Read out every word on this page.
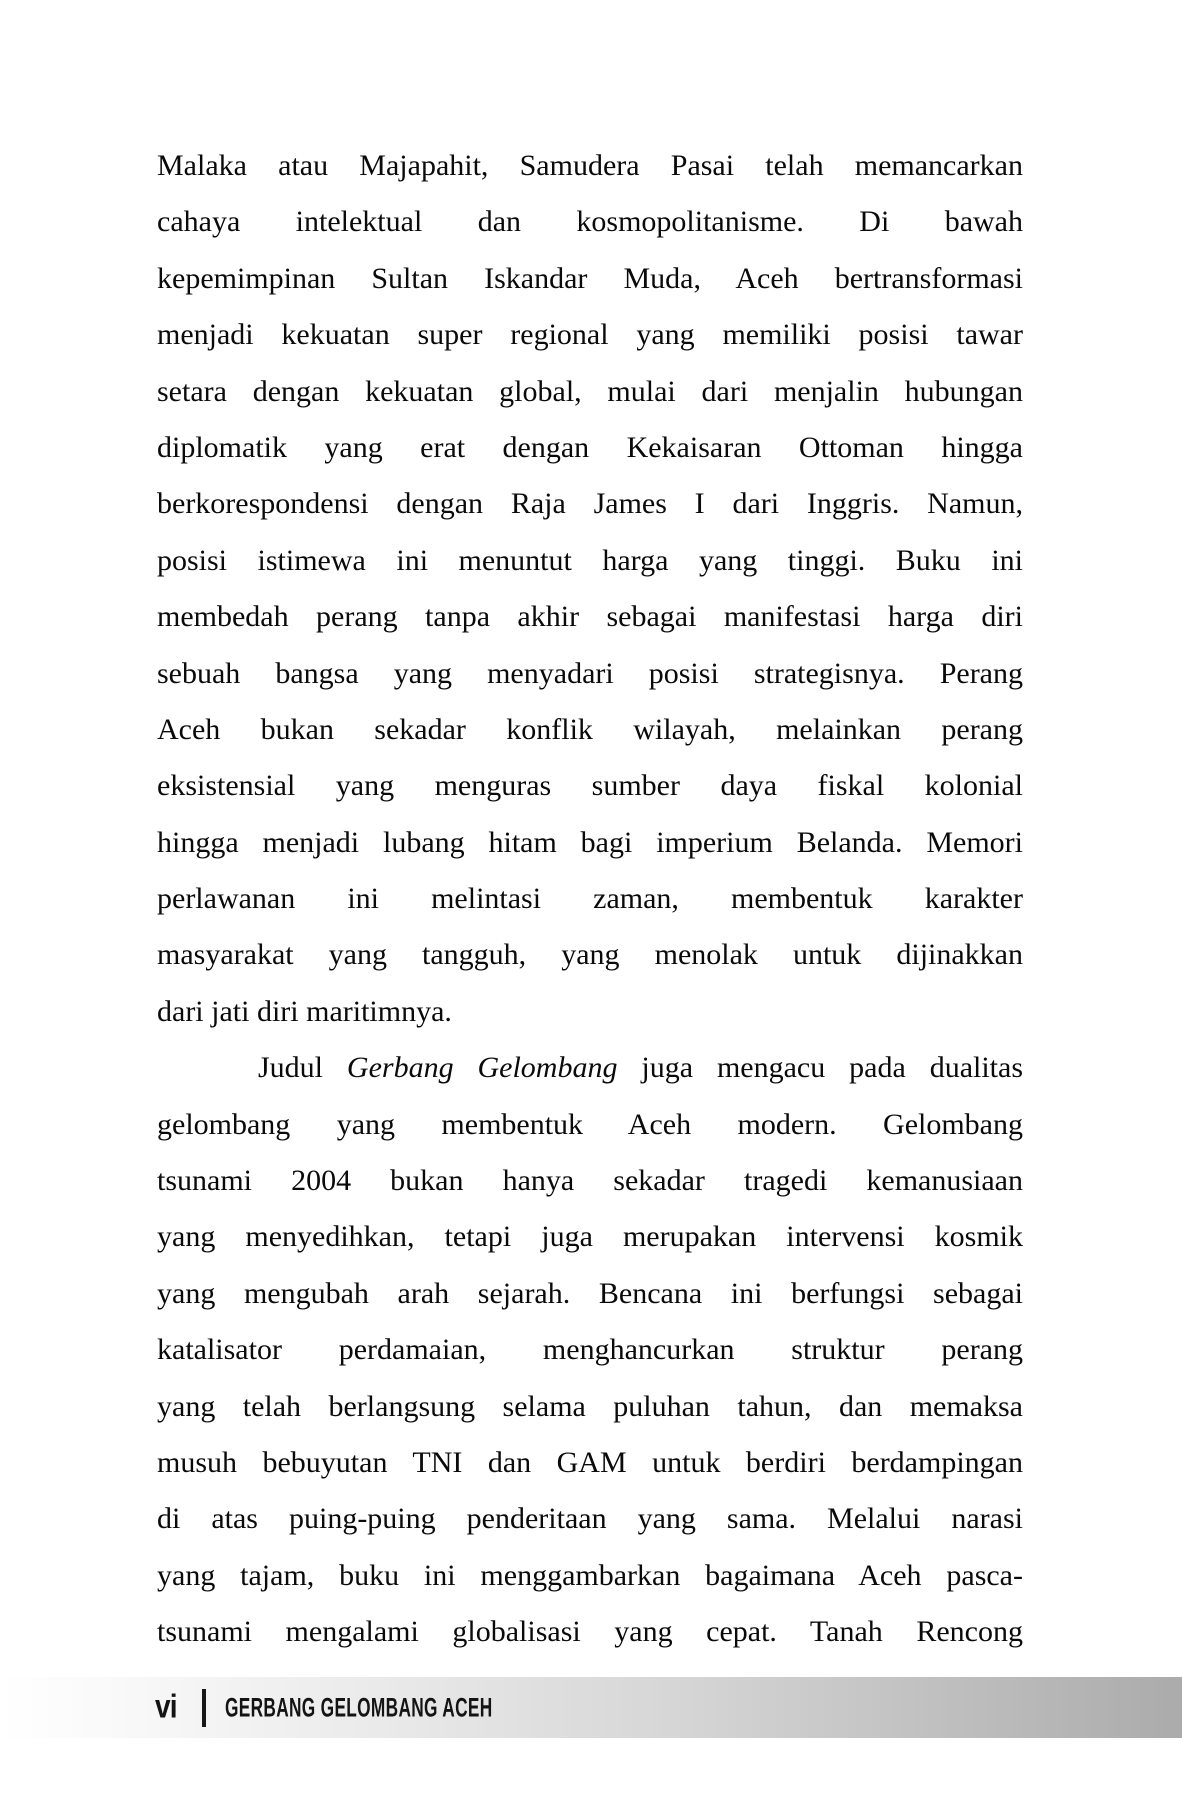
Malaka atau Majapahit, Samudera Pasai telah memancarkan
cahaya intelektual dan kosmopolitanisme. Di bawah
kepemimpinan Sultan Iskandar Muda, Aceh bertransformasi
menjadi kekuatan super regional yang memiliki posisi tawar
setara dengan kekuatan global, mulai dari menjalin hubungan
diplomatik yang erat dengan Kekaisaran Ottoman hingga
berkorespondensi dengan Raja James I dari Inggris. Namun,
posisi istimewa ini menuntut harga yang tinggi. Buku ini
membedah perang tanpa akhir sebagai manifestasi harga diri
sebuah bangsa yang menyadari posisi strategisnya. Perang
Aceh bukan sekadar konflik wilayah, melainkan perang
eksistensial yang menguras sumber daya fiskal kolonial
hingga menjadi lubang hitam bagi imperium Belanda. Memori
perlawanan ini melintasi zaman, membentuk karakter
masyarakat yang tangguh, yang menolak untuk dijinakkan
dari jati diri maritimnya.
Judul Gerbang Gelombang juga mengacu pada dualitas
gelombang yang membentuk Aceh modern. Gelombang
tsunami 2004 bukan hanya sekadar tragedi kemanusiaan
yang menyedihkan, tetapi juga merupakan intervensi kosmik
yang mengubah arah sejarah. Bencana ini berfungsi sebagai
katalisator perdamaian, menghancurkan struktur perang
yang telah berlangsung selama puluhan tahun, dan memaksa
musuh bebuyutan TNI dan GAM untuk berdiri berdampingan
di atas puing-puing penderitaan yang sama. Melalui narasi
yang tajam, buku ini menggambarkan bagaimana Aceh pasca-
tsunami mengalami globalisasi yang cepat. Tanah Rencong
vi GERBANG GELOMBANG ACEH
